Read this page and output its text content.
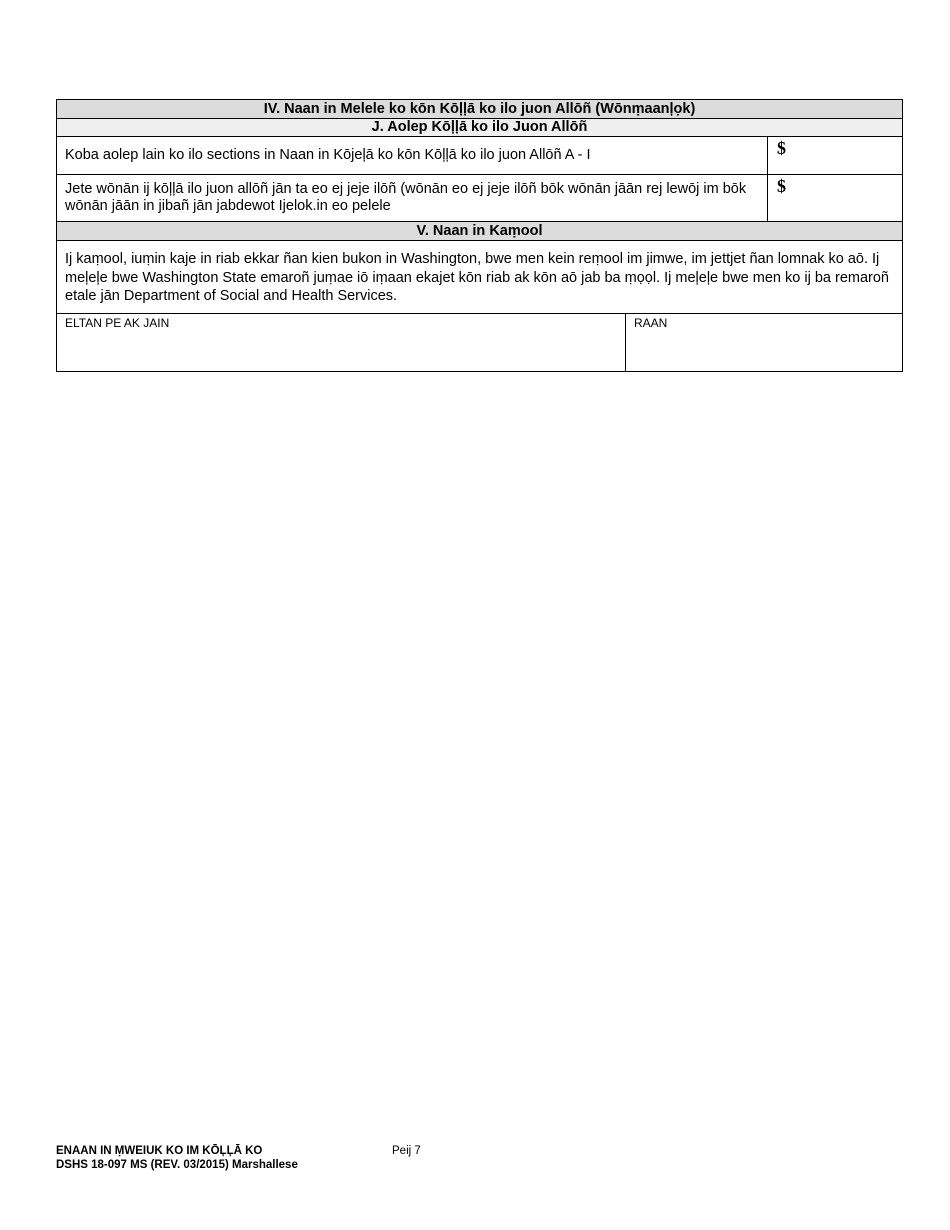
IV. Naan in Melele ko kōn Kōļļā ko ilo juon Allōñ (Wōnṃaanļọk)
J. Aolep Kōļļā ko ilo Juon Allōñ
Koba aolep lain ko ilo sections in Naan in Kōjeļā ko kōn Kōļļā ko ilo juon Allōñ A - I	$
Jete wōnān ij kōļļā ilo juon allōñ jān ta eo ej jeje ilōñ (wōnān eo ej jeje ilōñ bōk wōnān jāān rej lewōj im bōk wōnān jāān in jibañ jān jabdewot Ijelok.in eo pelele
$
V. Naan in Kaṃool
Ij kaṃool, iuṃin kaje in riab ekkar ñan kien bukon in Washington, bwe men kein reṃool im jimwe, im jettjet ñan lomnak ko aō. Ij meļeļe bwe Washington State emaroñ juṃae iō iṃaan ekajet kōn riab ak kōn aō jab ba ṃọọl. Ij meļeļe bwe men ko ij ba remaroñ etale jān Department of Social and Health Services.
ELTAN PE AK JAIN	RAAN
ENAAN IN ṂWEIUK KO IM KŌĻĻĀ KO
DSHS 18-097 MS (REV. 03/2015) Marshallese
Peij 7
